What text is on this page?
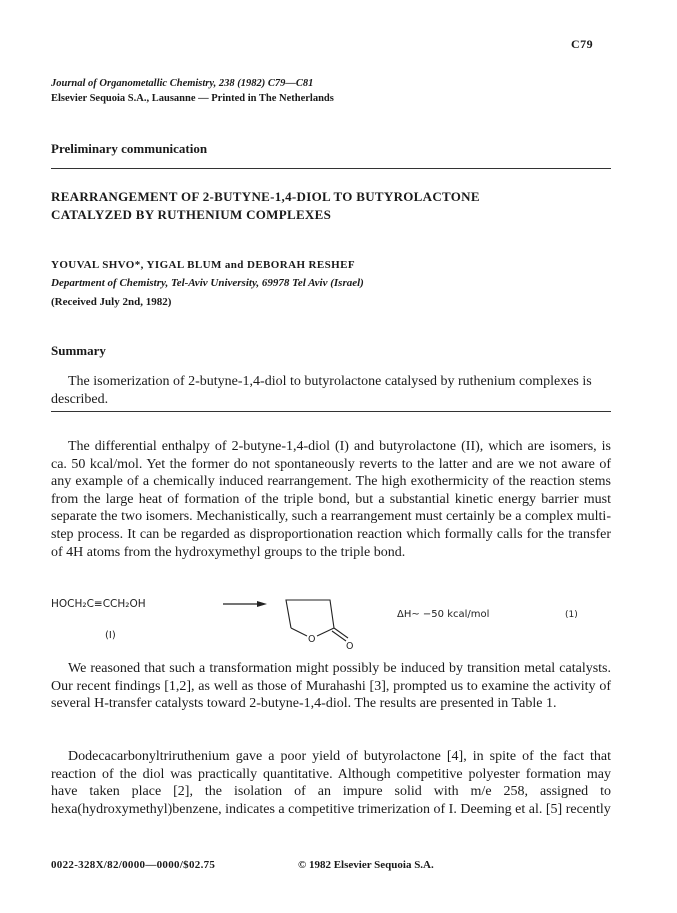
C79
Journal of Organometallic Chemistry, 238 (1982) C79—C81
Elsevier Sequoia S.A., Lausanne — Printed in The Netherlands
Preliminary communication
REARRANGEMENT OF 2-BUTYNE-1,4-DIOL TO BUTYROLACTONE
CATALYZED BY RUTHENIUM COMPLEXES
YOUVAL SHVO*, YIGAL BLUM and DEBORAH RESHEF
Department of Chemistry, Tel-Aviv University, 69978 Tel Aviv (Israel)
(Received July 2nd, 1982)
Summary

The isomerization of 2-butyne-1,4-diol to butyrolactone catalysed by ruthenium complexes is described.

The differential enthalpy of 2-butyne-1,4-diol (I) and butyrolactone (II), which are isomers, is ca. 50 kcal/mol. Yet the former do not spontaneously reverts to the latter and are we not aware of any example of a chemically induced rearrangement. The high exothermicity of the reaction stems from the large heat of formation of the triple bond, but a substantial kinetic energy barrier must separate the two isomers. Mechanistically, such a rearrangement must certainly be a complex multi-step process. It can be regarded as disproportionation reaction which formally calls for the transfer of 4H atoms from the hydroxymethyl groups to the triple bond.

HOCH₂C≡CCH₂OH
(I)	O
O
ΔH~ −50 kcal/mol	(1)

We reasoned that such a transformation might possibly be induced by transition metal catalysts. Our recent findings [1,2], as well as those of Murahashi [3], prompted us to examine the activity of several H-transfer catalysts toward 2-butyne-1,4-diol. The results are presented in Table 1.

Dodecacarbonyltriruthenium gave a poor yield of butyrolactone [4], in spite of the fact that reaction of the diol was practically quantitative. Although competitive polyester formation may have taken place [2], the isolation of an impure solid with m/e 258, assigned to hexa(hydroxymethyl)benzene, indicates a competitive trimerization of I. Deeming et al. [5] recently

0022-328X/82/0000—0000/$02.75	© 1982 Elsevier Sequoia S.A.
